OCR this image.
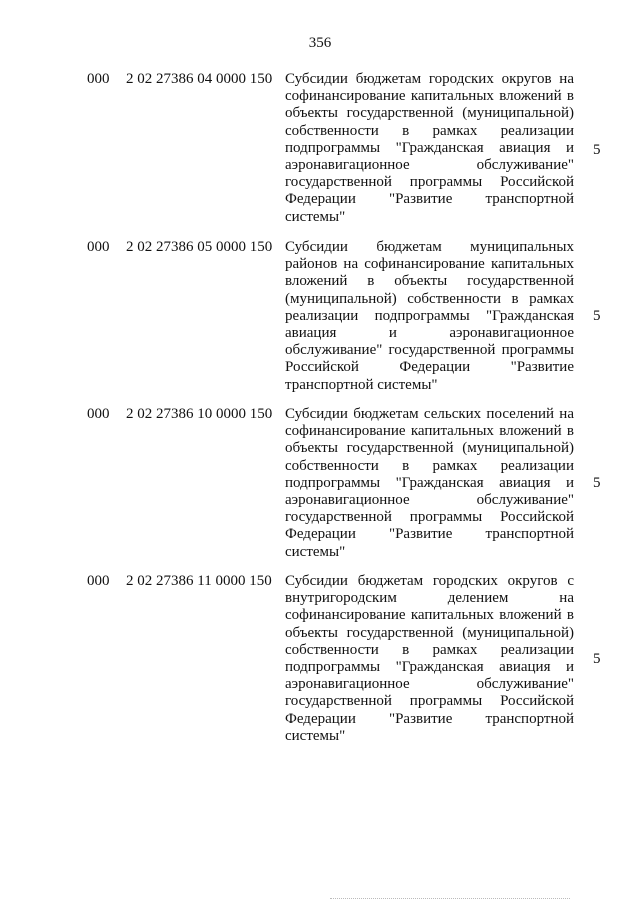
356
000 2 02 27386 04 0000 150 Субсидии бюджетам городских округов на
софинансирование капитальных вложений в
объекты государственной (муниципальной)
собственности в рамках реализации
подпрограммы "Гражданская авиация и
аэронавигационное обслуживание"
государственной программы Российской
Федерации "Развитие транспортной
системы"
5
000 2 02 27386 05 0000 150 Субсидии бюджетам муниципальных
районов на софинансирование капитальных
вложений в объекты государственной
(муниципальной) собственности в рамках
реализации подпрограммы "Гражданская
авиация и аэронавигационное
обслуживание" государственной программы
Российской Федерации "Развитие
транспортной системы"
5
000 2 02 27386 10 0000 150 Субсидии бюджетам сельских поселений на
софинансирование капитальных вложений в
объекты государственной (муниципальной)
собственности в рамках реализации
подпрограммы "Гражданская авиация и
аэронавигационное обслуживание"
государственной программы Российской
Федерации "Развитие транспортной
системы"
5
000 2 02 27386 11 0000 150 Субсидии бюджетам городских округов с
внутригородским делением на
софинансирование капитальных вложений в
объекты государственной (муниципальной)
собственности в рамках реализации
подпрограммы "Гражданская авиация и
аэронавигационное обслуживание"
государственной программы Российской
Федерации "Развитие транспортной
системы"
5
